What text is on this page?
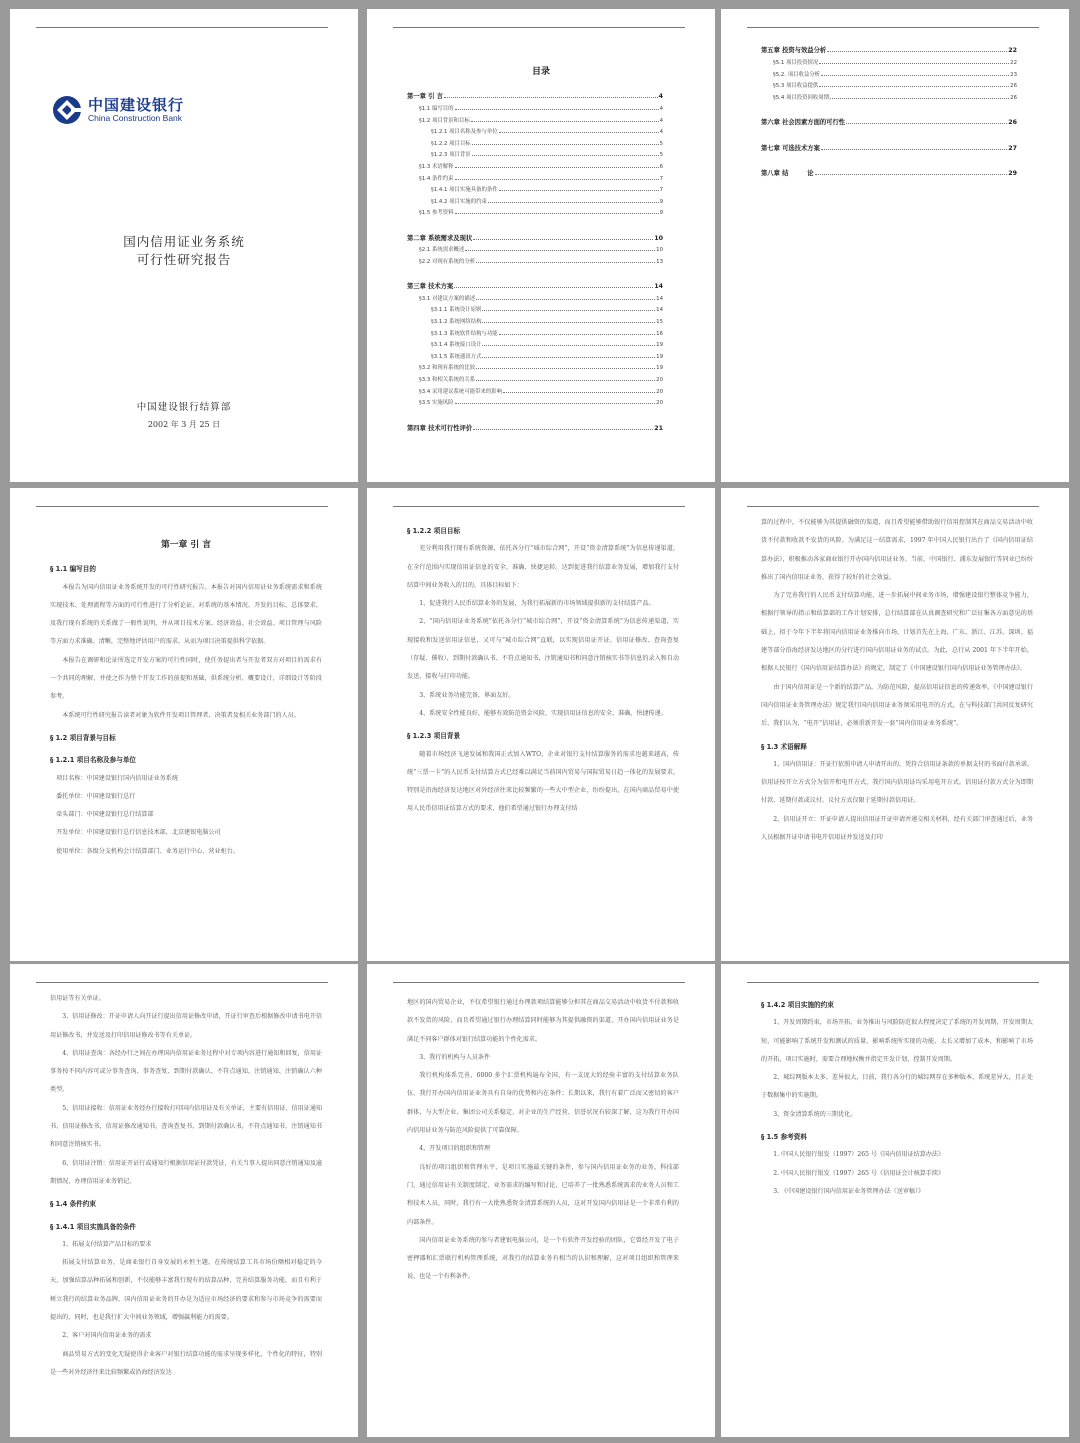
中国建设银行
China Construction Bank
国内信用证业务系统
可行性研究报告
中国建设银行结算部
2002 年 3 月 25 日
目录
第一章 引 言	4
§1.1 编写目的	4
§1.2 项目背景和目标	4
§1.2.1 项目名称及参与单位	4
§1.2.2 项目目标	5
§1.2.3 项目背景	5
§1.3 术语解释	6
§1.4 条件约束	7
§1.4.1 项目实施具备的条件	7
§1.4.2 项目实施的约束	9
§1.5 参考资料	9
第二章 系统需求及现状	10
§2.1 系统需求概述	10
§2.2 对现有系统的分析	13
第三章 技术方案	14
§3.1 对建议方案的描述	14
§3.1.1 系统设计原则	14
§3.1.2 系统网络结构	15
§3.1.3 系统软件结构与功能	16
§3.1.4 系统接口设计	19
§3.1.5 系统通讯方式	19
§3.2 和现有系统的比较	19
§3.3 和相关系统的关系	20
§3.4 采用建议系统可能带来的影响	20
§3.5 实施风险	20
第四章 技术可行性评价	21
第五章 投资与效益分析	22
§5.1 项目投资情况	22
§5.2. 项目收益分析	23
§5.3 项目收益提供	26
§5.4 项目投资回收周期	26
第六章 社会因素方面的可行性	26
第七章 可选技术方案	27
第八章 结　　　论	29

第一章 引 言

§ 1.1 编写目的

本报告为国内信用证业务系统开发的可行性研究报告。本报告对国内信用证业务系统需求和系统实现技术、处理流程等方面的可行性进行了分析论证，对系统的基本情况、开发的目标、总体要求，及我行现有系统的关系做了一般性说明，并从项目技术方案、经济效益、社会效益、项目管理与风险等方面力求准确、清晰，完整地评估用户的需求，从而为项目决策提供科学依据。

本报告在调研和论证所选定开发方案的可行性同时，使任务提出者与开发者双方对项目的需求有一个共同的理解，并使之作为整个开发工作的前提和基础，供系统分析、概要设计，详细设计等阶段参考。

本系统可行性研究报告读者对象为软件开发项目管理者、决策者及相关业务部门的人员。

§ 1.2 项目背景与目标

§ 1.2.1 项目名称及参与单位

项目名称：中国建设银行国内信用证业务系统

委托单位：中国建设银行总行

牵头部门：中国建设银行总行结算部

开发单位：中国建设银行总行信息技术部，北京建银电脑公司

使用单位：各级分支机构会计结算部门、业务运行中心、营业柜台。

§ 1.2.2 项目目标

充分利用我行现有系统资源，依托各分行“城市综合网”，开设“资金清算系统”为信息传递渠道，在全行范围内实现信用证信息的安全、准确、快捷运转。达到促进我行结算业务发展，增加我行支付结算中间业务收入的目的。具体目标如下：

1、促进我行人民币结算业务的发展，为我行拓展新的市场领域提供新的支付结算产品。

2、“国内信用证业务系统”依托各分行“城市综合网”，开设“资金清算系统”为信息传递渠道，实现接收和发送信用证信息，又可与“城市综合网”直联，以实现信用证开证、信用证修改、查询查复（存疑、催收），到期付款确认书、不符点通知书、注销通知书和同意注销核实书等信息的录入和自动发送、接收与打印功能。

3、系统业务功能完备，界面友好。

4、系统安全性能良好，能够有效防范资金风险，实现信用证信息的安全、准确、快捷传递。

§ 1.2.3 项目背景

随着市场经济飞速发展和我国正式加入WTO，企业对银行支付结算服务的需求也越来越高，传统“三票一卡”的人民币支付结算方式已经难以满足当前国内贸易与国际贸易日趋一体化的发展要求，特别是沿海经济发达地区对外经济往来比较频繁的一些大中型企业，纷纷提出，在国内商品贸易中使用人民币信用证结算方式的要求，他们希望通过银行办理支付结

算的过程中，不仅能够为其提供融资的渠道，而且希望能够借助银行信用控制其在商品交易活动中收货不付款和收款不发货的风险。为满足这一结算需求，1997 年中国人民银行出台了《国内信用证结算办法》，积极推动各家商业银行开办国内信用证业务。当前，中国银行、浦东发展银行等同业已纷纷推出了国内信用证业务，获得了较好的社会效益。

为了完善我行的人民币支付结算功能，进一步拓展中间业务市场，增强建设银行整体竞争能力，根据行领导的指示和结算部的工作计划安排，总行结算部在认真调查研究和广泛征集各方面意见的基础上，拟于今年下半年将国内信用证业务推向市场，计划首先在上海、广东、浙江、江苏、深圳、福建等部分沿海经济发达地区的分行进行国内信用证业务的试点。为此，总行从 2001 年下半年开始，根据人民银行《国内信用证结算办法》的规定，制定了《中国建设银行国内信用证业务管理办法》。

由于国内信用证是一个新的结算产品，为防范风险，提高信用证信息的传递效率，《中国建设银行国内信用证业务管理办法》规定我行国内信用证业务须采用电开的方式，在与科技部门共同反复研究后，我们认为，“电开”信用证，必须重新开发一套“国内信用证业务系统”。

§ 1.3 术语解释

1、国内信用证：开证行依照申请人申请开出的，凭符合信用证条款的单据支付的书面付款承诺。信用证按开立方式分为信开和电开方式，我行国内信用证均采用电开方式。信用证付款方式分为即期付款、延期付款或议付。议付方式仅限于延期付款信用证。

2、信用证开立：开证申请人提出信用证开证申请并递交相关材料，经有关部门审查通过后，业务人员根据开证申请书电开信用证并发送及打印

信用证等有关单证。

3、信用证修改：开证申请人向开证行提出信用证修改申请，开证行审查后根据修改申请书电开信用证修改书，并发送及打印信用证修改书等有关单证。

4、信用证查询：各经办行之间在办理国内信用证业务过程中对专项内容进行通知和回复，信用证事务按不同内容可或分事务查询、事务查复、到期付款确认、不符点通知、注销通知、注销确认六种类型。

5、信用证接收：信用证业务经办行接收打印国内信用证及有关单证，主要有信用证、信用证通知书，信用证修改书，信用证修改通知书，查询查复书，到期付款确认书，不符点通知书，注销通知书和同意注销核实书。

6、信用证注销：信用证开证行或通知行根据信用证付款凭证，有关当事人提出同意注销通知及逾期情况，办理信用证业务销记。

§ 1.4 条件约束

§ 1.4.1 项目实施具备的条件

1、拓展支付结算产品目标的要求

拓展支付结算业务，是商业银行自身发展的永恒主题。在传统结算工具市场份额相对稳定的今天，加强结算品种拓展和创新，不仅能够丰富我行现有的结算品种，完善结算服务功能，而且有利于树立我行的结算业务品牌，国内信用证业务的开办是为适应市场经济的要求和参与市场竞争的需要而提出的，同时，也是我行扩大中间业务领域，增强赢利能力的需要。

2、客户对国内信用证业务的需求

商品贸易方式的变化无疑使得企业客户对银行结算功能的需求呈现多样化、个性化的特征，特别是一些对外经济往来比较频繁或沿海经济发达

地区的国内贸易企业，不仅希望银行通过办理款项结算能够分担其在商品交易活动中收货不付款和收款不发货的风险，而且希望通过银行办理结算同时能够为其提供融资的渠道，开办国内信用证业务是满足不同客户群体对银行结算功能的个性化需求。

3、我行的机构与人员条件

我行机构体系完善，6000 多个汇票机构遍布全国，有一支庞大的经验丰富的支付结算业务队伍，我行开办国内信用证业务具有自身的优势和内在条件；长期以来，我行有着广泛而又密切的客户群体，与大型企业、集团公司关系稳定，对企业的生产经营、信誉状况有较深了解，这为我行开办国内信用证业务与防范风险提供了可靠保障。

4、开发项目的组织和管理

良好的项目组织和管理水平，是项目实施最关键的条件，参与国内信用证业务的业务、科技部门，通过信用证有关制度制定、业务需求的编写和讨论，已培养了一批熟悉系统需求的业务人员和工程技术人员，同时，我行有一大批熟悉资金清算系统的人员，这对开发国内信用证是一个非常有利的内部条件。

国内信用证业务系统的参与者建银电脑公司，是一个有软件开发经验的团队，它曾经开发了电子密押器和汇票联行机构管理系统，对我行的结算业务有相当的认识和理解，这对项目组织和管理来说，也是一个有利条件。

§ 1.4.2 项目实施的约束

1、开发周期约束，市场开拓、业务推出与风险防范很大程度决定了系统的开发周期，开发周期太短，可能影响了系统开发和测试的质量，影响系统所实现的功能，太长又增加了成本，和影响了市场的开拓，项目实施时，需要合理地权衡并指定开发计划，控制开发周期。

2、城综网版本太多，差异很大，目前，我行各分行的城综网存在多种版本，系统差异大，且正处于数据集中的实施期。

3、资金清算系统的三期优化。

§ 1.5 参考资料

1. 中国人民银行银发（1997）265 号《国内信用证结算办法》

2. 中国人民银行银发（1997）265 号《信用证会计核算手续》

3. 《中国建设银行国内信用证业务管理办法（送审稿）》
